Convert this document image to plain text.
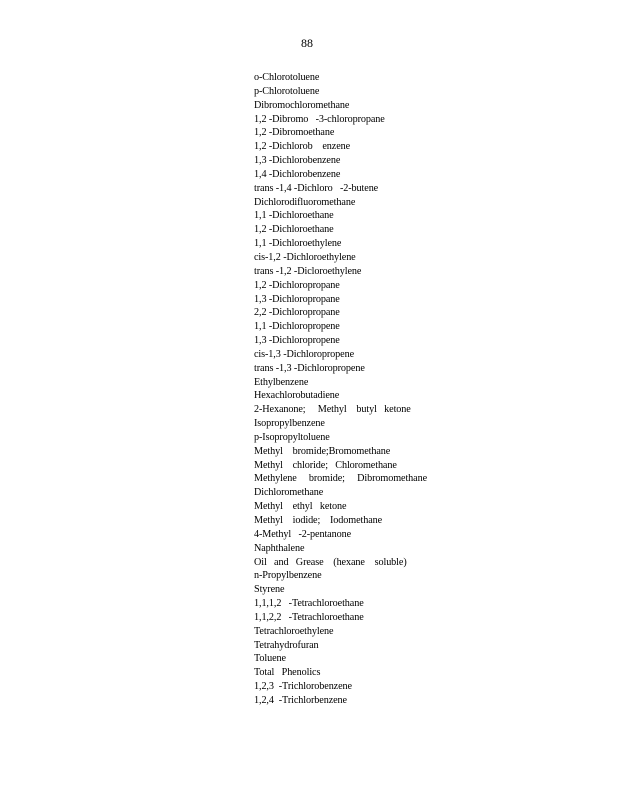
88
o-Chlorotoluene
p-Chlorotoluene
Dibromochloromethane
1,2 -Dibromo   -3-chloropropane
1,2 -Dibromoethane
1,2 -Dichlorob    enzene
1,3 -Dichlorobenzene
1,4 -Dichlorobenzene
trans -1,4 -Dichloro   -2-butene
Dichlorodifluoromethane
1,1 -Dichloroethane
1,2 -Dichloroethane
1,1 -Dichloroethylene
cis-1,2 -Dichloroethylene
trans -1,2 -Dicloroethylene
1,2 -Dichloropropane
1,3 -Dichloropropane
2,2 -Dichloropropane
1,1 -Dichloropropene
1,3 -Dichloropropene
cis-1,3 -Dichloropropene
trans -1,3 -Dichloropropene
Ethylbenzene
Hexachlorobutadiene
2-Hexanone;     Methyl    butyl   ketone
Isopropylbenzene
p-Isopropyltoluene
Methyl    bromide;Bromomethane
Methyl    chloride;   Chloromethane
Methylene     bromide;     Dibromomethane
Dichloromethane
Methyl    ethyl   ketone
Methyl    iodide;    Iodomethane
4-Methyl   -2-pentanone
Naphthalene
Oil   and   Grease    (hexane    soluble)
n-Propylbenzene
Styrene
1,1,1,2   -Tetrachloroethane
1,1,2,2   -Tetrachloroethane
Tetrachloroethylene
Tetrahydrofuran
Toluene
Total   Phenolics
1,2,3  -Trichlorobenzene
1,2,4  -Trichlorbenzene
